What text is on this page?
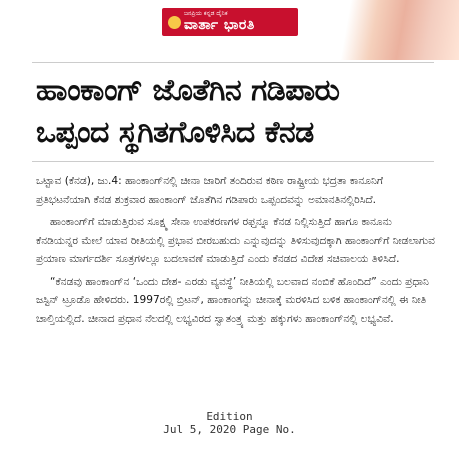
ಜನಪ್ರಿಯ ಕನ್ನಡ ದೈನಿಕ
ವಾರ್ತಾ ಭಾರತಿ
ಹಾಂಕಾಂಗ್ ಜೊತೆಗಿನ ಗಡಿಪಾರು
ಒಪ್ಪಂದ ಸ್ಥಗಿತಗೊಳಿಸಿದ ಕೆನಡ

ಒಟ್ಟಾವ (ಕೆನಡ), ಜು.4: ಹಾಂಕಾಂಗ್‌ನಲ್ಲಿ ಚೀನಾ ಜಾರಿಗೆ ತಂದಿರುವ ಕಠಿಣ ರಾಷ್ಟ್ರೀಯ ಭದ್ರತಾ ಕಾನೂನಿಗೆ ಪ್ರತಿಭಟನೆಯಾಗಿ ಕೆನಡ ಶುಕ್ರವಾರ ಹಾಂಕಾಂಗ್ ಜೊತೆಗಿನ ಗಡಿಪಾರು ಒಪ್ಪಂದವನ್ನು ಅಮಾನತಿನಲ್ಲಿರಿಸಿದೆ.

ಹಾಂಕಾಂಗ್‌ಗೆ ಮಾಡುತ್ತಿರುವ ಸೂಕ್ಷ್ಮ ಸೇನಾ ಉಪಕರಣಗಳ ರಫ್ತನ್ನೂ ಕೆನಡ ನಿಲ್ಲಿಸುತ್ತಿದೆ ಹಾಗೂ ಕಾನೂನು ಕೆನಡಿಯನ್ನರ ಮೇಲೆ ಯಾವ ರೀತಿಯಲ್ಲಿ ಪ್ರಭಾವ ಬೀರಬಹುದು ಎನ್ನುವುದನ್ನು ತಿಳಿಸುವುದಕ್ಕಾಗಿ ಹಾಂಕಾಂಗ್‌ಗೆ ನೀಡಲಾಗುವ ಪ್ರಯಾಣ ಮಾರ್ಗದರ್ಶಿ ಸೂತ್ರಗಳಲ್ಲೂ ಬದಲಾವಣೆ ಮಾಡುತ್ತಿದೆ ಎಂದು ಕೆನಡದ ವಿದೇಶ ಸಚಿವಾಲಯ ತಿಳಿಸಿದೆ.

“ಕೆನಡವು ಹಾಂಕಾಂಗ್‌ನ ‘ಒಂದು ದೇಶ- ಎರಡು ವ್ಯವಸ್ಥೆ’ ನೀತಿಯಲ್ಲಿ ಬಲವಾದ ನಂಬಿಕೆ ಹೊಂದಿದೆ” ಎಂದು ಪ್ರಧಾನಿ ಜಸ್ಟಿನ್ ಟ್ರೂಡೊ ಹೇಳಿದರು. 1997ರಲ್ಲಿ ಬ್ರಿಟನ್, ಹಾಂಕಾಂಗನ್ನು ಚೀನಾಕ್ಕೆ ಮರಳಿಸಿದ ಬಳಿಕ ಹಾಂಕಾಂಗ್‌ನಲ್ಲಿ ಈ ನೀತಿ ಚಾಲ್ತಿಯಲ್ಲಿದೆ. ಚೀನಾದ ಪ್ರಧಾನ ನೆಲದಲ್ಲಿ ಲಭ್ಯವಿರದ ಸ್ವಾತಂತ್ರ್ಯ ಮತ್ತು ಹಕ್ಕುಗಳು ಹಾಂಕಾಂಗ್‌ನಲ್ಲಿ ಲಭ್ಯವಿವೆ.

Edition
Jul 5, 2020 Page No.
